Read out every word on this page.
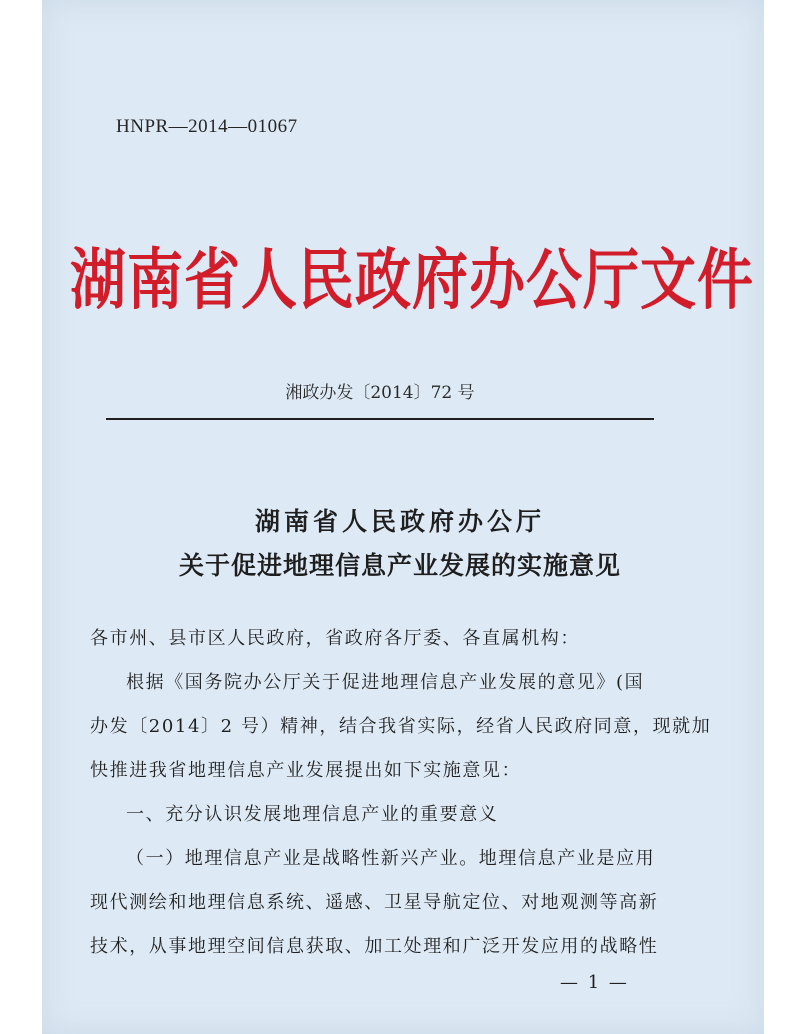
HNPR—2014—01067
湖南省人民政府办公厅文件
湘政办发〔2014〕72 号
湖南省人民政府办公厅
关于促进地理信息产业发展的实施意见
各市州、县市区人民政府，省政府各厅委、各直属机构：
根据《国务院办公厅关于促进地理信息产业发展的意见》(国
办发〔2014〕2 号）精神，结合我省实际，经省人民政府同意，现就加
快推进我省地理信息产业发展提出如下实施意见：
一、充分认识发展地理信息产业的重要意义
（一）地理信息产业是战略性新兴产业。地理信息产业是应用
现代测绘和地理信息系统、遥感、卫星导航定位、对地观测等高新
技术，从事地理空间信息获取、加工处理和广泛开发应用的战略性
— 1 —
